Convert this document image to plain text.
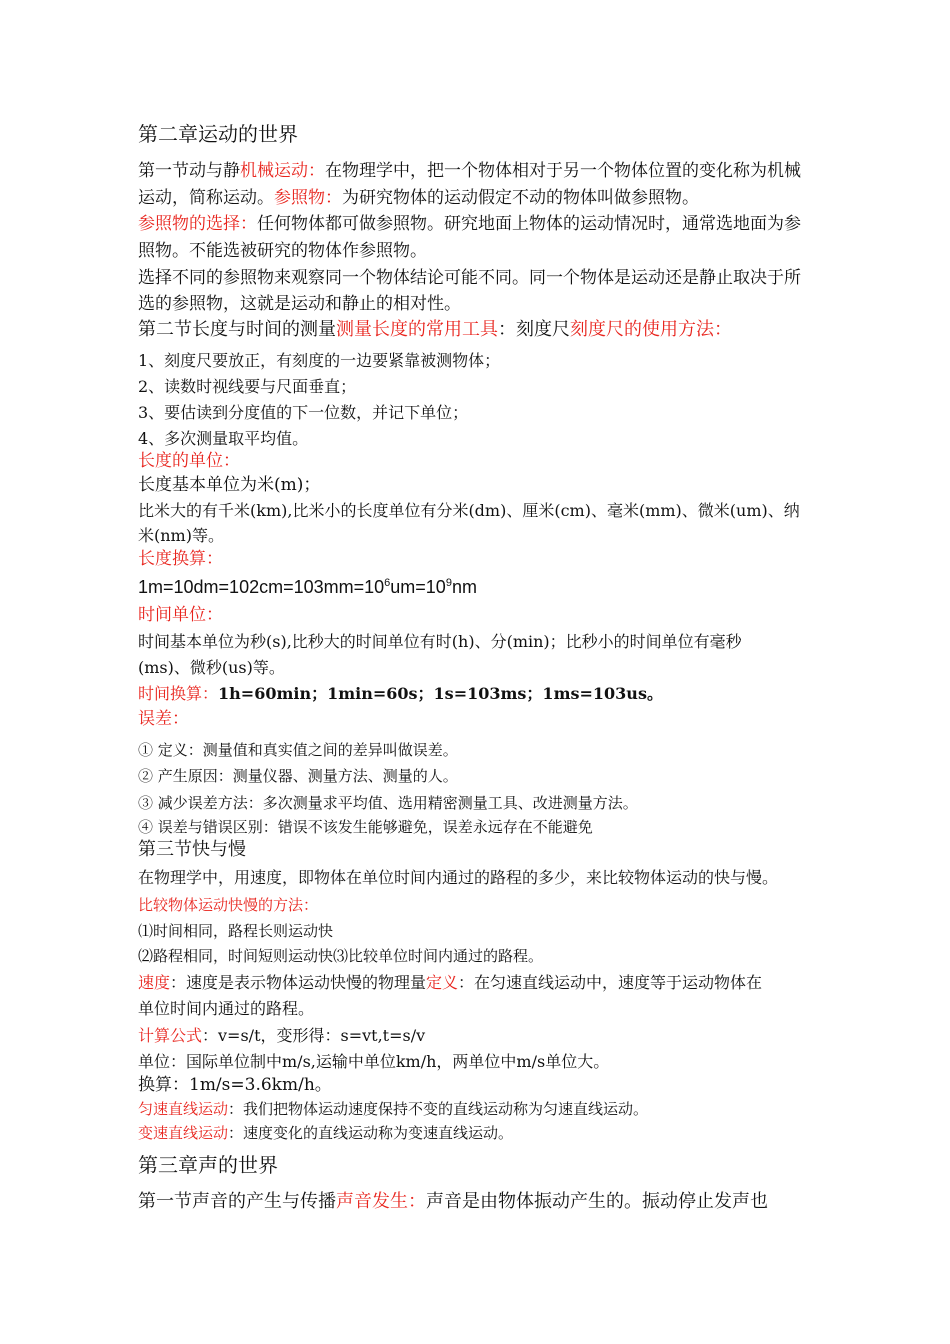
第二章运动的世界
第一节动与静机械运动：在物理学中，把一个物体相对于另一个物体位置的变化称为机械
运动，简称运动。参照物：为研究物体的运动假定不动的物体叫做参照物。
参照物的选择：任何物体都可做参照物。研究地面上物体的运动情况时，通常选地面为参
照物。不能选被研究的物体作参照物。
选择不同的参照物来观察同一个物体结论可能不同。同一个物体是运动还是静止取决于所
选的参照物，这就是运动和静止的相对性。
第二节长度与时间的测量测量长度的常用工具：刻度尺刻度尺的使用方法：
1、刻度尺要放正，有刻度的一边要紧靠被测物体；
2、读数时视线要与尺面垂直；
3、要估读到分度值的下一位数，并记下单位；
4、多次测量取平均值。
长度的单位：
长度基本单位为米(m)；
比米大的有千米(km),比米小的长度单位有分米(dm)、厘米(cm)、毫米(mm)、微米(um)、纳
米(nm)等。
长度换算：
$1m=10dm=102cm=103mm=10^6um=10^9nm$
时间单位：
时间基本单位为秒(s),比秒大的时间单位有时(h)、分(min)；比秒小的时间单位有毫秒
(ms)、微秒(us)等。
时间换算：1h=60min；1min=60s；1s=103ms；1ms=103us。
误差：
① 定义：测量值和真实值之间的差异叫做误差。
② 产生原因：测量仪器、测量方法、测量的人。
③ 减少误差方法：多次测量求平均值、选用精密测量工具、改进测量方法。
④ 误差与错误区别：错误不该发生能够避免，误差永远存在不能避免
第三节快与慢
在物理学中，用速度，即物体在单位时间内通过的路程的多少，来比较物体运动的快与慢。
比较物体运动快慢的方法：
⑴时间相同，路程长则运动快
⑵路程相同，时间短则运动快⑶比较单位时间内通过的路程。
速度：速度是表示物体运动快慢的物理量定义：在匀速直线运动中，速度等于运动物体在
单位时间内通过的路程。
计算公式：v=s/t，变形得：s=vt,t=s/v
单位：国际单位制中m/s,运输中单位km/h，两单位中m/s单位大。
换算：1m/s=3.6km/h。
匀速直线运动：我们把物体运动速度保持不变的直线运动称为匀速直线运动。
变速直线运动：速度变化的直线运动称为变速直线运动。
第三章声的世界
第一节声音的产生与传播声音发生：声音是由物体振动产生的。振动停止发声也
